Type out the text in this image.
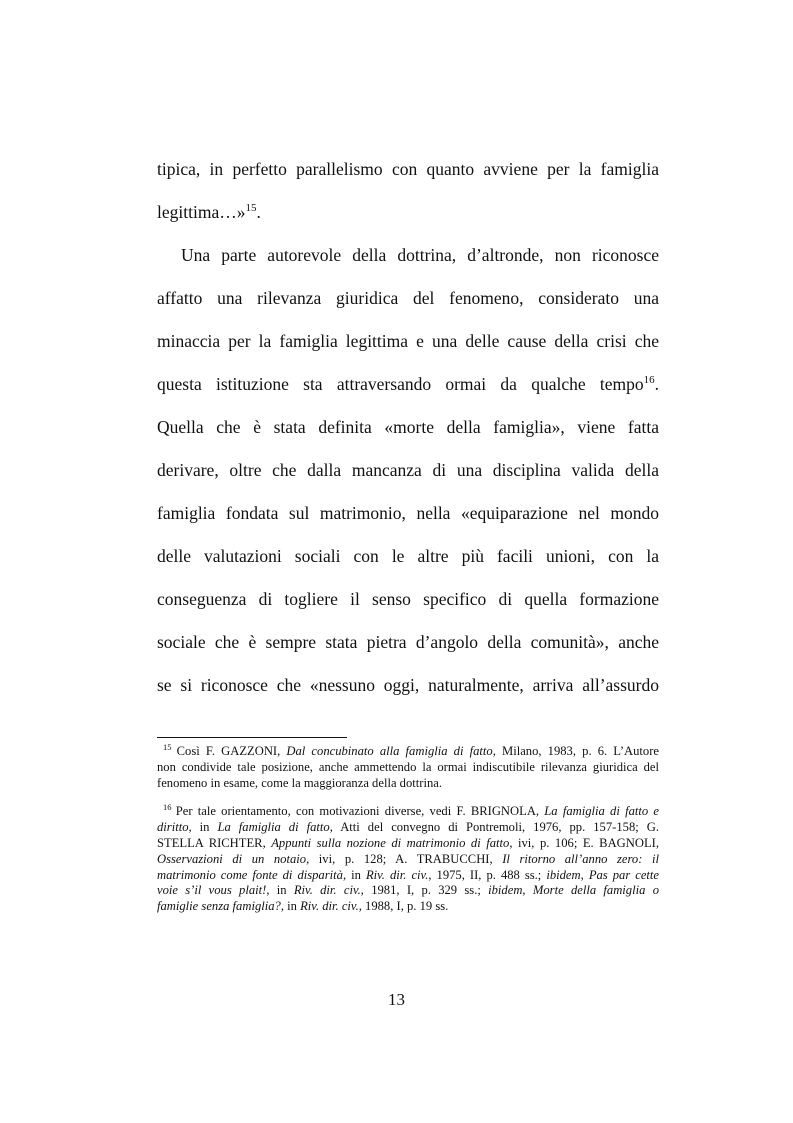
tipica, in perfetto parallelismo con quanto avviene per la famiglia
legittima…»$^{15}$.
Una parte autorevole della dottrina, d’altronde, non riconosce
affatto una rilevanza giuridica del fenomeno, considerato una
minaccia per la famiglia legittima e una delle cause della crisi che
questa istituzione sta attraversando ormai da qualche tempo$^{16}$.
Quella che è stata definita «morte della famiglia», viene fatta
derivare, oltre che dalla mancanza di una disciplina valida della
famiglia fondata sul matrimonio, nella «equiparazione nel mondo
delle valutazioni sociali con le altre più facili unioni, con la
conseguenza di togliere il senso specifico di quella formazione
sociale che è sempre stata pietra d’angolo della comunità», anche
se si riconosce che «nessuno oggi, naturalmente, arriva all’assurdo
$^{15}$ Così F. GAZZONI, Dal concubinato alla famiglia di fatto, Milano, 1983, p. 6. L’Autore
non condivide tale posizione, anche ammettendo la ormai indiscutibile rilevanza giuridica del
fenomeno in esame, come la maggioranza della dottrina.
$^{16}$ Per tale orientamento, con motivazioni diverse, vedi F. BRIGNOLA, La famiglia di fatto e
diritto, in La famiglia di fatto, Atti del convegno di Pontremoli, 1976, pp. 157-158; G.
STELLA RICHTER, Appunti sulla nozione di matrimonio di fatto, ivi, p. 106; E. BAGNOLI,
Osservazioni di un notaio, ivi, p. 128; A. TRABUCCHI, Il ritorno all’anno zero: il
matrimonio come fonte di disparità, in Riv. dir. civ., 1975, II, p. 488 ss.; ibidem, Pas par cette
voie s’il vous plait!, in Riv. dir. civ., 1981, I, p. 329 ss.; ibidem, Morte della famiglia o
famiglie senza famiglia?, in Riv. dir. civ., 1988, I, p. 19 ss.
13
